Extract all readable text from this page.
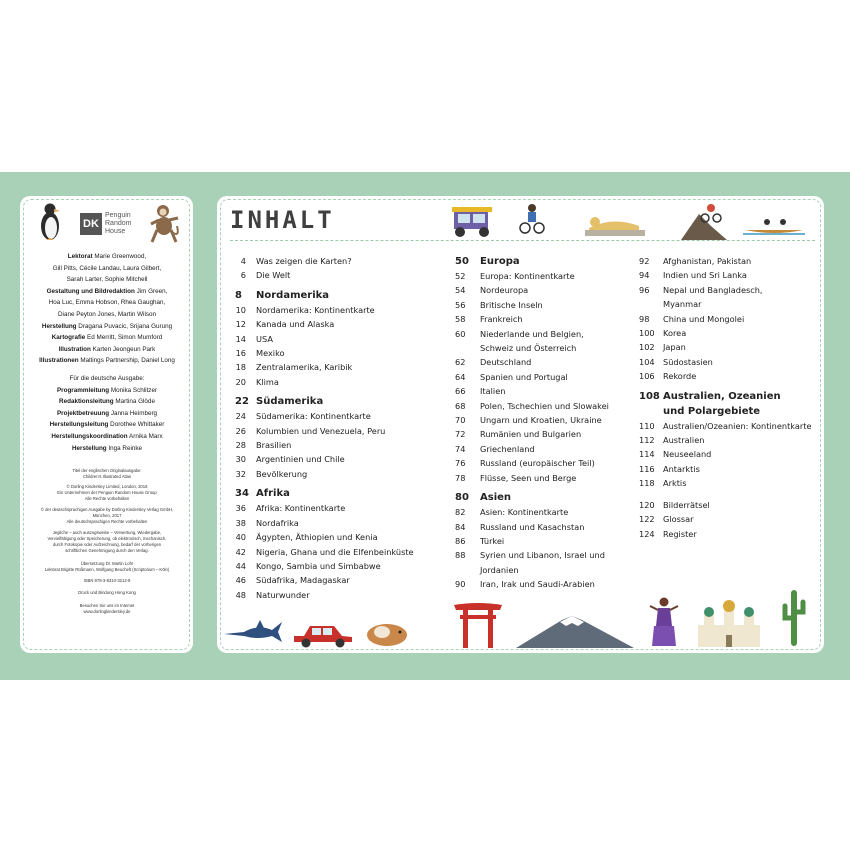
DK
Penguin Random House
Lektorat Marie Greenwood,
Gill Pitts, Cécile Landau, Laura Gilbert,
Sarah Larter, Sophie Mitchell
Gestaltung und Bildredaktion Jim Green,
Hoa Luc, Emma Hobson, Rhea Gaughan,
Diane Peyton Jones, Martin Wilson
Herstellung Dragana Puvacic, Srijana Gurung
Kartografie Ed Merritt, Simon Mumford
Illustration Karten Jeongeun Park
Illustrationen Maltings Partnership, Daniel Long
Für die deutsche Ausgabe:
Programmleitung Monika Schlitzer
Redaktionsleitung Martina Glöde
Projektbetreuung Janna Heimberg
Herstellungsleitung Dorothee Whittaker
Herstellungskoordination Arnika Marx
Herstellung Inga Reinke
Titel der englischen Originalausgabe:
Children's Illustrated Atlas
© Dorling Kindersley Limited, London, 2016
Ein Unternehmen der Penguin Random House Group
Alle Rechte vorbehalten
© der deutschsprachigen Ausgabe by Dorling Kindersley Verlag GmbH,
München, 2017
Alle deutschsprachigen Rechte vorbehalten
Jegliche – auch auszugsweise – Verwertung, Wiedergabe,
Vervielfältigung oder Speicherung, ob elektronisch, mechanisch,
durch Fotokopie oder Aufzeichnung, bedarf der vorherigen
schriftlichen Genehmigung durch den Verlag.
Übersetzung Dr. Martin Lohr
Lektorat Brigitte Rüßmann, Wolfgang Beuchelt (Scriptorium – Köln)
ISBN 978-3-8310-3212-9
Druck und Bindung Hong Kong
Besuchen Sie uns im Internet
www.dorlingkindersley.de
INHALT
4	Was zeigen die Karten?
6	Die Welt
8	Nordamerika
10	Nordamerika: Kontinentkarte
12	Kanada und Alaska
14	USA
16	Mexiko
18	Zentralamerika, Karibik
20	Klima
22 Südamerika
24	Südamerika: Kontinentkarte
26	Kolumbien und Venezuela, Peru
28	Brasilien
30	Argentinien und Chile
32	Bevölkerung
34 Afrika
36	Afrika: Kontinentkarte
38	Nordafrika
40	Ägypten, Äthiopien und Kenia
42	Nigeria, Ghana und die Elfenbeinküste
44	Kongo, Sambia und Simbabwe
46	Südafrika, Madagaskar
48	Naturwunder
50	Europa
52	Europa: Kontinentkarte
54	Nordeuropa
56	Britische Inseln
58	Frankreich
60	Niederlande und Belgien,
Schweiz und Österreich
62	Deutschland
64	Spanien und Portugal
66	Italien
68	Polen, Tschechien und Slowakei
70	Ungarn und Kroatien, Ukraine
72	Rumänien und Bulgarien
74	Griechenland
76	Russland (europäischer Teil)
78	Flüsse, Seen und Berge
80	Asien
82	Asien: Kontinentkarte
84	Russland und Kasachstan
86	Türkei
88	Syrien und Libanon, Israel und
Jordanien
90	Iran, Irak und Saudi-Arabien
92	Afghanistan, Pakistan
94	Indien und Sri Lanka
96	Nepal und Bangladesch,
Myanmar
98	China und Mongolei
100	Korea
102	Japan
104	Südostasien
106	Rekorde
108 Australien, Ozeanien
und Polargebiete
110	Australien/Ozeanien: Kontinentkarte
112	Australien
114	Neuseeland
116	Antarktis
118	Arktis
120	Bilderrätsel
122	Glossar
124	Register
